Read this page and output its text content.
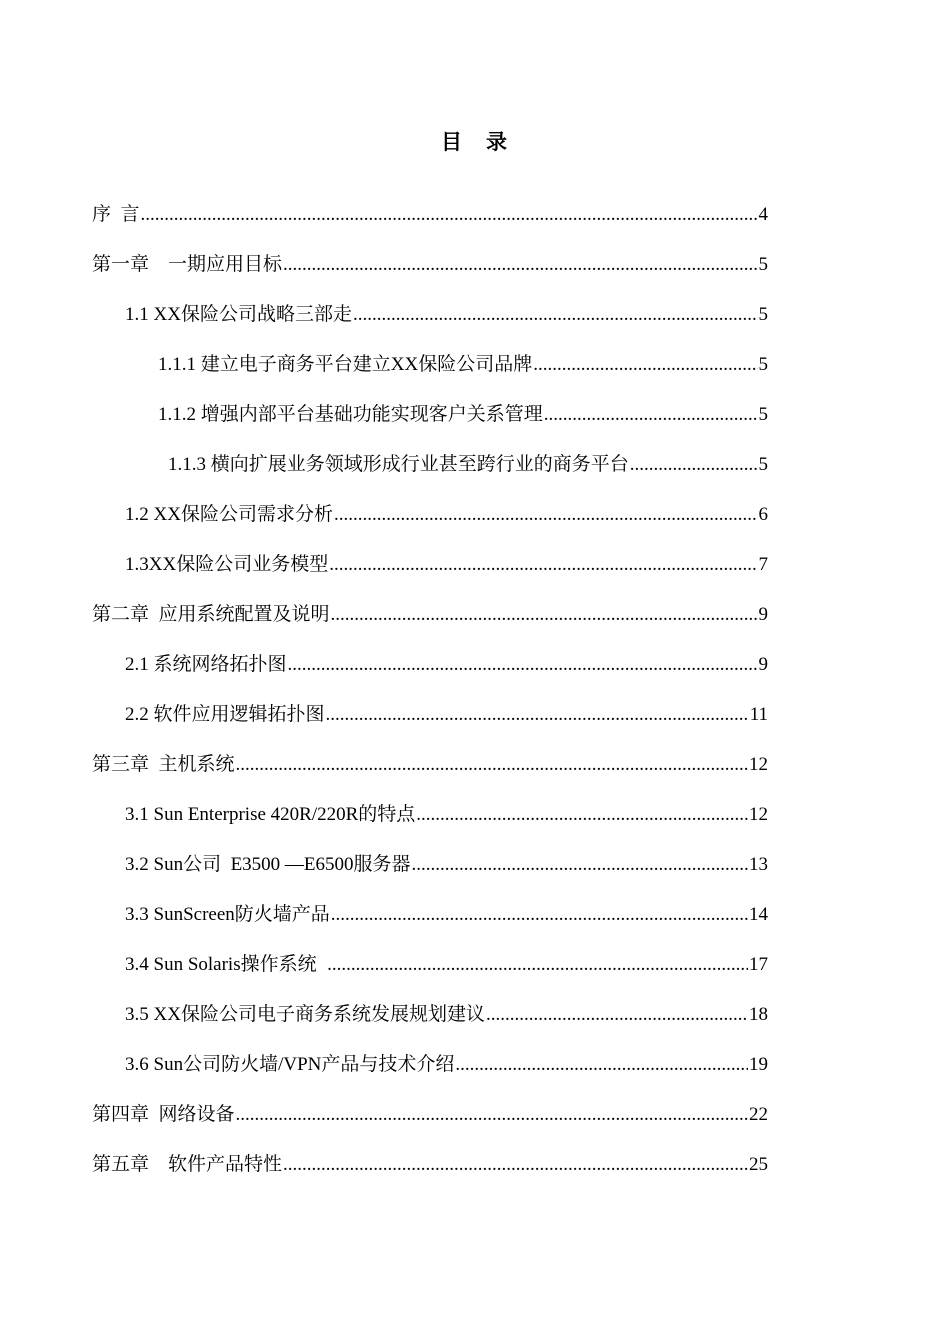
目 录
序  言 .....	4
第一章    一期应用目标 .....	5
1.1 XX保险公司战略三部走 .....	5
1.1.1 建立电子商务平台建立XX保险公司品牌 .....	5
1.1.2 增强内部平台基础功能实现客户关系管理 .....	5
1.1.3 横向扩展业务领域形成行业甚至跨行业的商务平台 .....	5
1.2 XX保险公司需求分析 .....	6
1.3XX保险公司业务模型 .....	7
第二章  应用系统配置及说明 .....	9
2.1 系统网络拓扑图 .....	9
2.2 软件应用逻辑拓扑图 .....	11
第三章  主机系统 .....	12
3.1 Sun Enterprise 420R/220R的特点 .....	12
3.2 Sun公司  E3500 —E6500服务器 .....	13
3.3 SunScreen防火墙产品 .....	14
3.4 Sun Solaris操作系统 .....	17
3.5 XX保险公司电子商务系统发展规划建议 .....	18
3.6 Sun公司防火墙/VPN产品与技术介绍 .....	19
第四章  网络设备 .....	22
第五章    软件产品特性 .....	25
